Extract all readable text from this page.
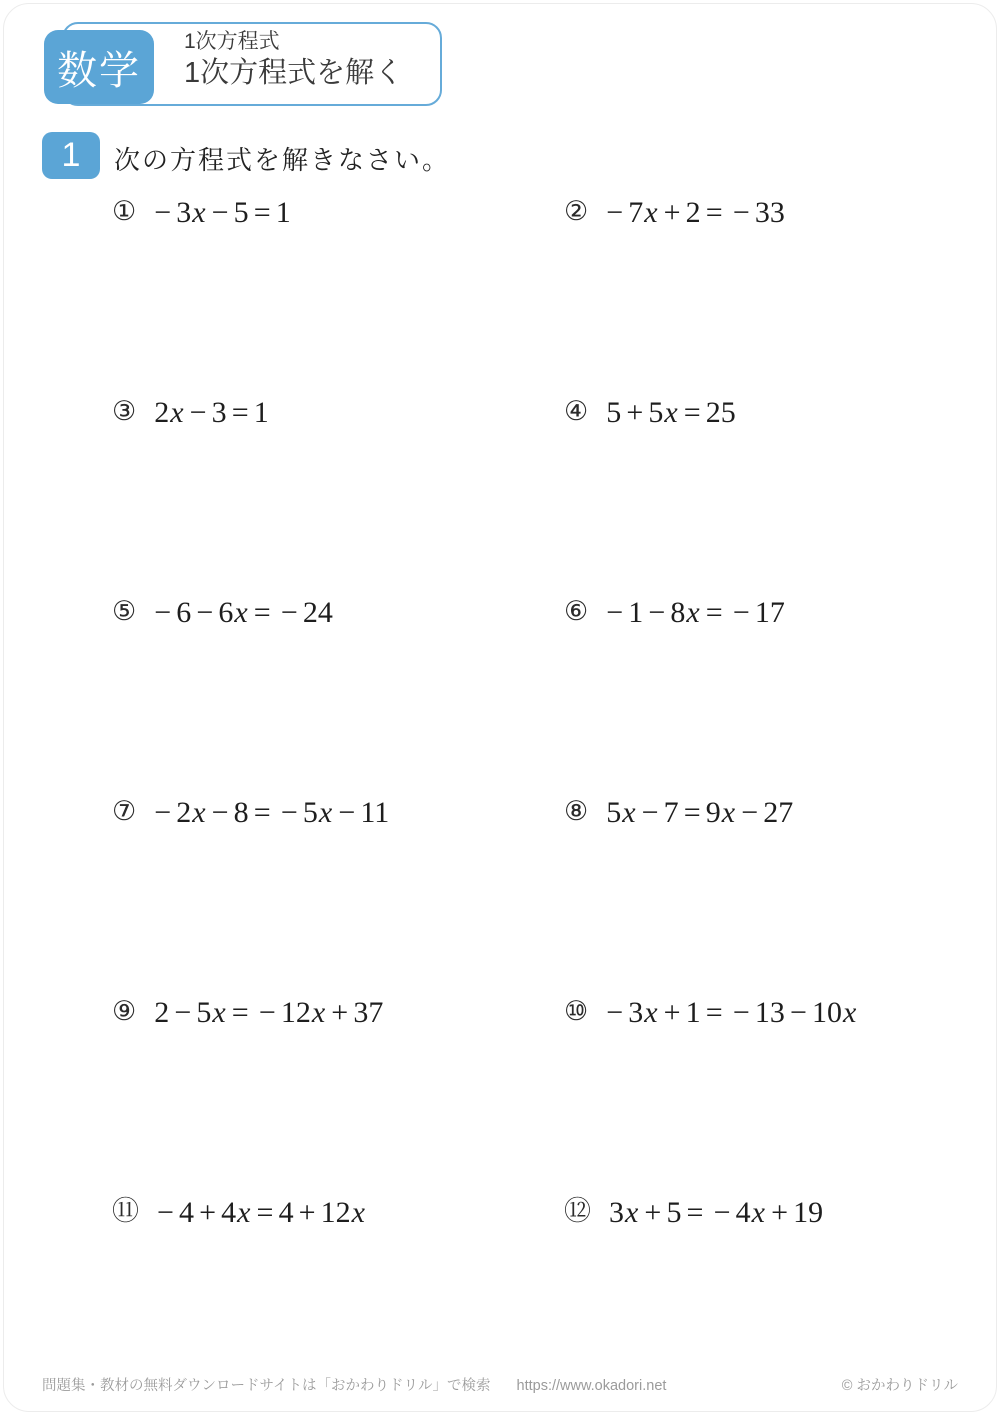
数学
1次方程式
1次方程式を解く
1 次の方程式を解きなさい。
① − 3x − 5 = 1	② − 7x + 2 = − 33
③ 2x − 3 = 1	④ 5 + 5x = 25
⑤ − 6 − 6x = − 24	⑥ − 1 − 8x = − 17
⑦ − 2x − 8 = − 5x − 11	⑧ 5x − 7 = 9x − 27
⑨ 2 − 5x = − 12x + 37	⑩ − 3x + 1 = − 13 − 10x
⑪ − 4 + 4x = 4 + 12x	⑫ 3x + 5 = − 4x + 19
問題集・教材の無料ダウンロードサイトは「おかわりドリル」で検索 https://www.okadori.net	© おかわりドリル
